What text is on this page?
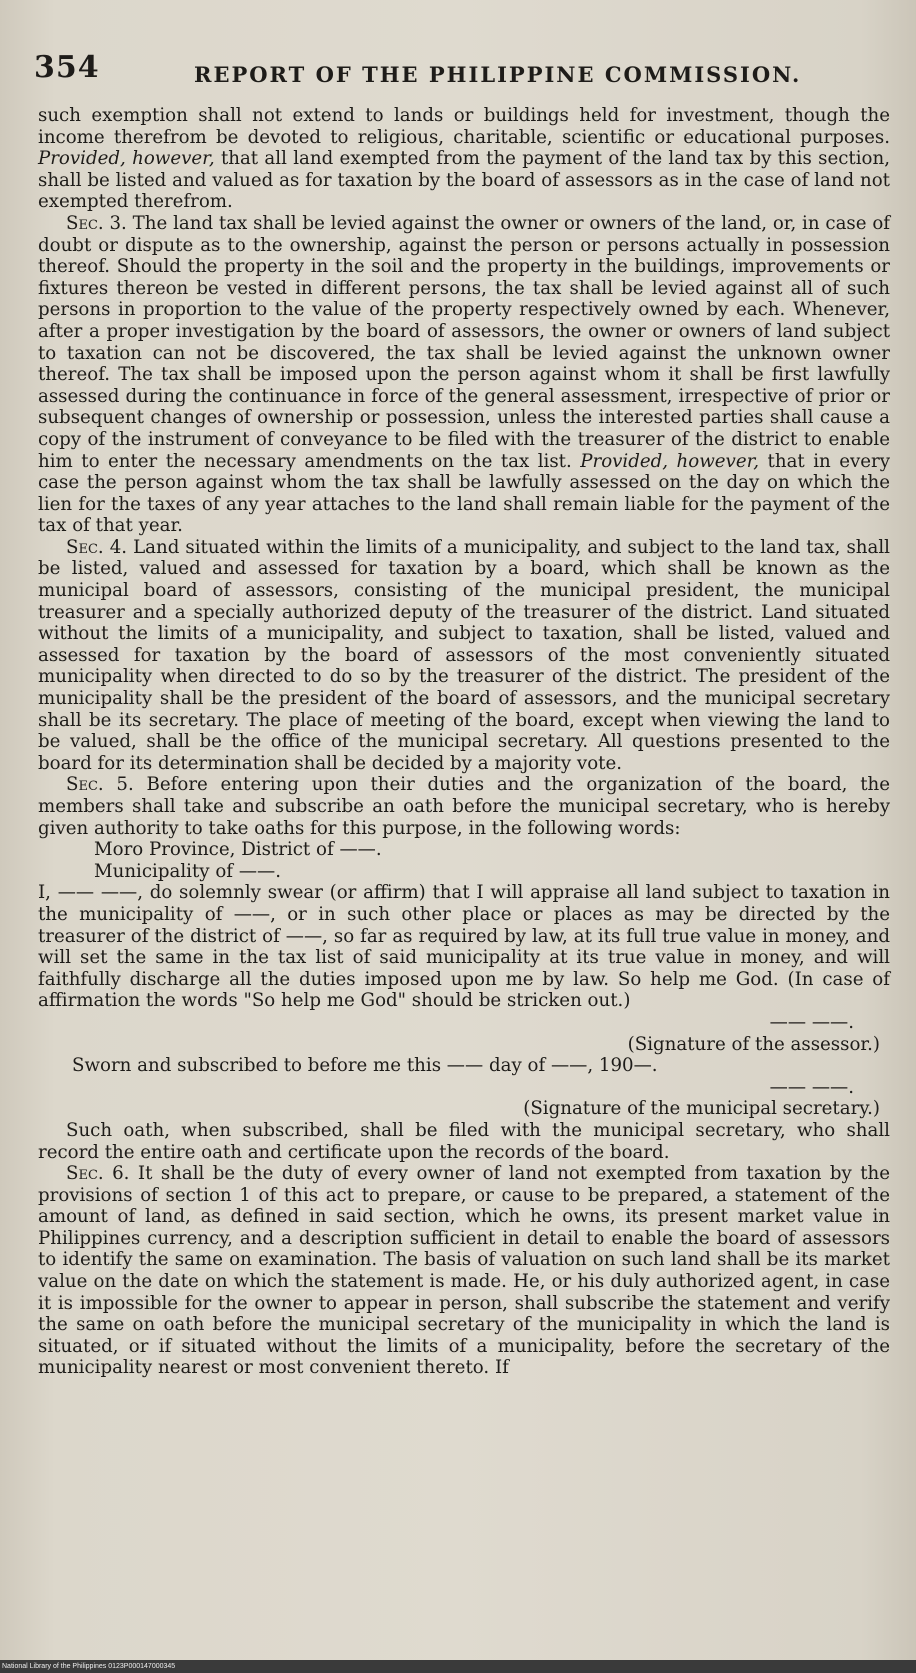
354	REPORT OF THE PHILIPPINE COMMISSION.

such exemption shall not extend to lands or buildings held for investment, though the income therefrom be devoted to religious, charitable, scientific or educational purposes. Provided, however, that all land exempted from the payment of the land tax by this section, shall be listed and valued as for taxation by the board of assessors as in the case of land not exempted therefrom.

Sec. 3. The land tax shall be levied against the owner or owners of the land, or, in case of doubt or dispute as to the ownership, against the person or persons actually in possession thereof. Should the property in the soil and the property in the buildings, improvements or fixtures thereon be vested in different persons, the tax shall be levied against all of such persons in proportion to the value of the property respectively owned by each. Whenever, after a proper investigation by the board of assessors, the owner or owners of land subject to taxation can not be discovered, the tax shall be levied against the unknown owner thereof. The tax shall be imposed upon the person against whom it shall be first lawfully assessed during the continuance in force of the general assessment, irrespective of prior or subsequent changes of ownership or possession, unless the interested parties shall cause a copy of the instrument of conveyance to be filed with the treasurer of the district to enable him to enter the necessary amendments on the tax list. Provided, however, that in every case the person against whom the tax shall be lawfully assessed on the day on which the lien for the taxes of any year attaches to the land shall remain liable for the payment of the tax of that year.

Sec. 4. Land situated within the limits of a municipality, and subject to the land tax, shall be listed, valued and assessed for taxation by a board, which shall be known as the municipal board of assessors, consisting of the municipal president, the municipal treasurer and a specially authorized deputy of the treasurer of the district. Land situated without the limits of a municipality, and subject to taxation, shall be listed, valued and assessed for taxation by the board of assessors of the most conveniently situated municipality when directed to do so by the treasurer of the district. The president of the municipality shall be the president of the board of assessors, and the municipal secretary shall be its secretary. The place of meeting of the board, except when viewing the land to be valued, shall be the office of the municipal secretary. All questions presented to the board for its determination shall be decided by a majority vote.

Sec. 5. Before entering upon their duties and the organization of the board, the members shall take and subscribe an oath before the municipal secretary, who is hereby given authority to take oaths for this purpose, in the following words:

Moro Province, District of ——.

Municipality of ——.

I, —— ——, do solemnly swear (or affirm) that I will appraise all land subject to taxation in the municipality of ——, or in such other place or places as may be directed by the treasurer of the district of ——, so far as required by law, at its full true value in money, and will set the same in the tax list of said municipality at its true value in money, and will faithfully discharge all the duties imposed upon me by law. So help me God. (In case of affirmation the words "So help me God" should be stricken out.)

—— ——.

(Signature of the assessor.)

Sworn and subscribed to before me this —— day of ——, 190—.

—— ——.

(Signature of the municipal secretary.)

Such oath, when subscribed, shall be filed with the municipal secretary, who shall record the entire oath and certificate upon the records of the board.

Sec. 6. It shall be the duty of every owner of land not exempted from taxation by the provisions of section 1 of this act to prepare, or cause to be prepared, a statement of the amount of land, as defined in said section, which he owns, its present market value in Philippines currency, and a description sufficient in detail to enable the board of assessors to identify the same on examination. The basis of valuation on such land shall be its market value on the date on which the statement is made. He, or his duly authorized agent, in case it is impossible for the owner to appear in person, shall subscribe the statement and verify the same on oath before the municipal secretary of the municipality in which the land is situated, or if situated without the limits of a municipality, before the secretary of the municipality nearest or most convenient thereto. If

National Library of the Philippines 0123P000147000345
